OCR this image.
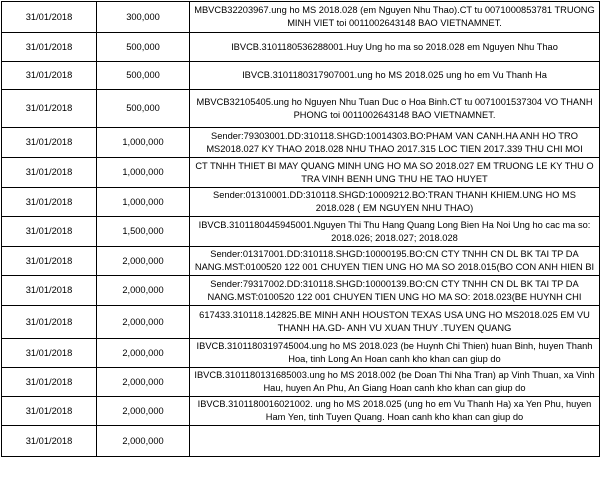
31/01/2018	300,000	MBVCB32203967.ung ho MS 2018.028 (em Nguyen Nhu Thao).CT tu 0071000853781 TRUONG MINH VIET toi 0011002643148 BAO VIETNAMNET.

31/01/2018	500,000	IBVCB.3101180536288001.Huy Ung ho ma so 2018.028 em Nguyen Nhu Thao

31/01/2018	500,000	IBVCB.3101180317907001.ung ho MS 2018.025 ung ho em Vu Thanh Ha

31/01/2018	500,000	MBVCB32105405.ung ho Nguyen Nhu Tuan Duc o Hoa Binh.CT tu 0071001537304 VO THANH PHONG toi 0011002643148 BAO VIETNAMNET.

31/01/2018	1,000,000	Sender:79303001.DD:310118.SHGD:10014303.BO:PHAM VAN CANH.HA ANH HO TRO MS2018.027 KY THAO 2018.028 NHU THAO 2017.315 LOC TIEN 2017.339 THU CHI MOI

31/01/2018	1,000,000	CT TNHH THIET BI MAY QUANG MINH UNG HO MA SO 2018.027 EM TRUONG LE KY THU O TRA VINH BENH UNG THU HE TAO HUYET

31/01/2018	1,000,000	Sender:01310001.DD:310118.SHGD:10009212.BO:TRAN THANH KHIEM.UNG HO MS 2018.028 ( EM NGUYEN NHU THAO)

31/01/2018	1,500,000	IBVCB.3101180445945001.Nguyen Thi Thu Hang Quang Long Bien Ha Noi Ung ho cac ma so: 2018.026; 2018.027; 2018.028

31/01/2018	2,000,000	Sender:01317001.DD:310118.SHGD:10000195.BO:CN CTY TNHH CN DL BK TAI TP DA NANG.MST:0100520 122 001 CHUYEN TIEN UNG HO MA SO 2018.015(BO CON ANH HIEN BI

31/01/2018	2,000,000	Sender:79317002.DD:310118.SHGD:10000139.BO:CN CTY TNHH CN DL BK TAI TP DA NANG.MST:0100520 122 001 CHUYEN TIEN UNG HO MA SO: 2018.023(BE HUYNH CHI

31/01/2018	2,000,000	617433.310118.142825.BE MINH ANH HOUSTON TEXAS USA UNG HO MS2018.025 EM VU THANH HA.GD- ANH VU XUAN THUY .TUYEN QUANG

31/01/2018	2,000,000	IBVCB.3101180319745004.ung ho MS 2018.023 (be Huynh Chi Thien) huan Binh, huyen Thanh Hoa, tinh Long An Hoan canh kho khan can giup do

31/01/2018	2,000,000	IBVCB.3101180131685003.ung ho MS 2018.002 (be Doan Thi Nha Tran) ap Vinh Thuan, xa Vinh Hau, huyen An Phu, An Giang Hoan canh kho khan can giup do

31/01/2018	2,000,000	IBVCB.3101180016021002. ung ho MS 2018.025 (ung ho em Vu Thanh Ha) xa Yen Phu, huyen Ham Yen, tinh Tuyen Quang. Hoan canh kho khan can giup do

31/01/2018	2,000,000	
